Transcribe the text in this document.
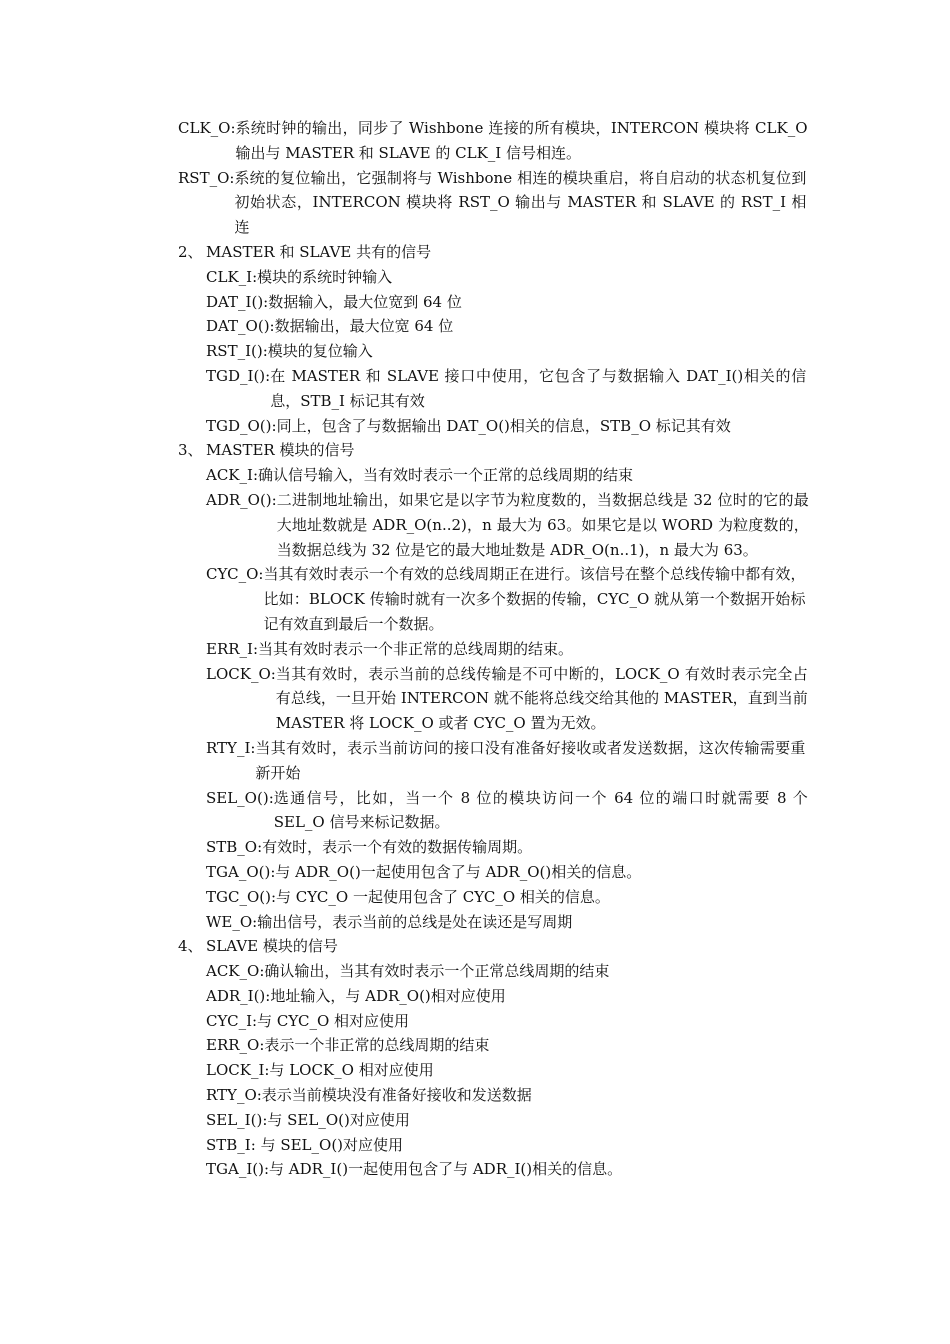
CLK_O: 系统时钟的输出，同步了 Wishbone 连接的所有模块，INTERCON 模块将 CLK_O 输出与 MASTER 和 SLAVE 的 CLK_I 信号相连。
RST_O: 系统的复位输出，它强制将与 Wishbone 相连的模块重启，将自启动的状态机复位到初始状态，INTERCON 模块将 RST_O 输出与 MASTER 和 SLAVE 的 RST_I 相连
2、 MASTER 和 SLAVE 共有的信号
CLK_I: 模块的系统时钟输入
DAT_I(): 数据输入，最大位宽到 64 位
DAT_O(): 数据输出，最大位宽 64 位
RST_I(): 模块的复位输入
TGD_I(): 在 MASTER 和 SLAVE 接口中使用，它包含了与数据输入 DAT_I()相关的信息，STB_I 标记其有效
TGD_O(): 同上，包含了与数据输出 DAT_O()相关的信息，STB_O 标记其有效
3、 MASTER 模块的信号
ACK_I: 确认信号输入，当有效时表示一个正常的总线周期的结束
ADR_O(): 二进制地址输出，如果它是以字节为粒度数的，当数据总线是 32 位时的它的最大地址数就是 ADR_O(n..2)，n 最大为 63。如果它是以 WORD 为粒度数的，当数据总线为 32 位是它的最大地址数是 ADR_O(n..1)，n 最大为 63。
CYC_O: 当其有效时表示一个有效的总线周期正在进行。该信号在整个总线传输中都有效，比如：BLOCK 传输时就有一次多个数据的传输，CYC_O 就从第一个数据开始标记有效直到最后一个数据。
ERR_I: 当其有效时表示一个非正常的总线周期的结束。
LOCK_O: 当其有效时，表示当前的总线传输是不可中断的，LOCK_O 有效时表示完全占有总线，一旦开始 INTERCON 就不能将总线交给其他的 MASTER，直到当前 MASTER 将 LOCK_O 或者 CYC_O 置为无效。
RTY_I: 当其有效时，表示当前访问的接口没有准备好接收或者发送数据，这次传输需要重新开始
SEL_O(): 选通信号，比如，当一个 8 位的模块访问一个 64 位的端口时就需要 8 个 SEL_O 信号来标记数据。
STB_O: 有效时，表示一个有效的数据传输周期。
TGA_O(): 与 ADR_O()一起使用包含了与 ADR_O()相关的信息。
TGC_O(): 与 CYC_O 一起使用包含了 CYC_O 相关的信息。
WE_O: 输出信号，表示当前的总线是处在读还是写周期
4、 SLAVE 模块的信号
ACK_O: 确认输出，当其有效时表示一个正常总线周期的结束
ADR_I(): 地址输入，与 ADR_O()相对应使用
CYC_I: 与 CYC_O 相对应使用
ERR_O: 表示一个非正常的总线周期的结束
LOCK_I: 与 LOCK_O 相对应使用
RTY_O: 表示当前模块没有准备好接收和发送数据
SEL_I(): 与 SEL_O()对应使用
STB_I: 与 SEL_O()对应使用
TGA_I(): 与 ADR_I()一起使用包含了与 ADR_I()相关的信息。
